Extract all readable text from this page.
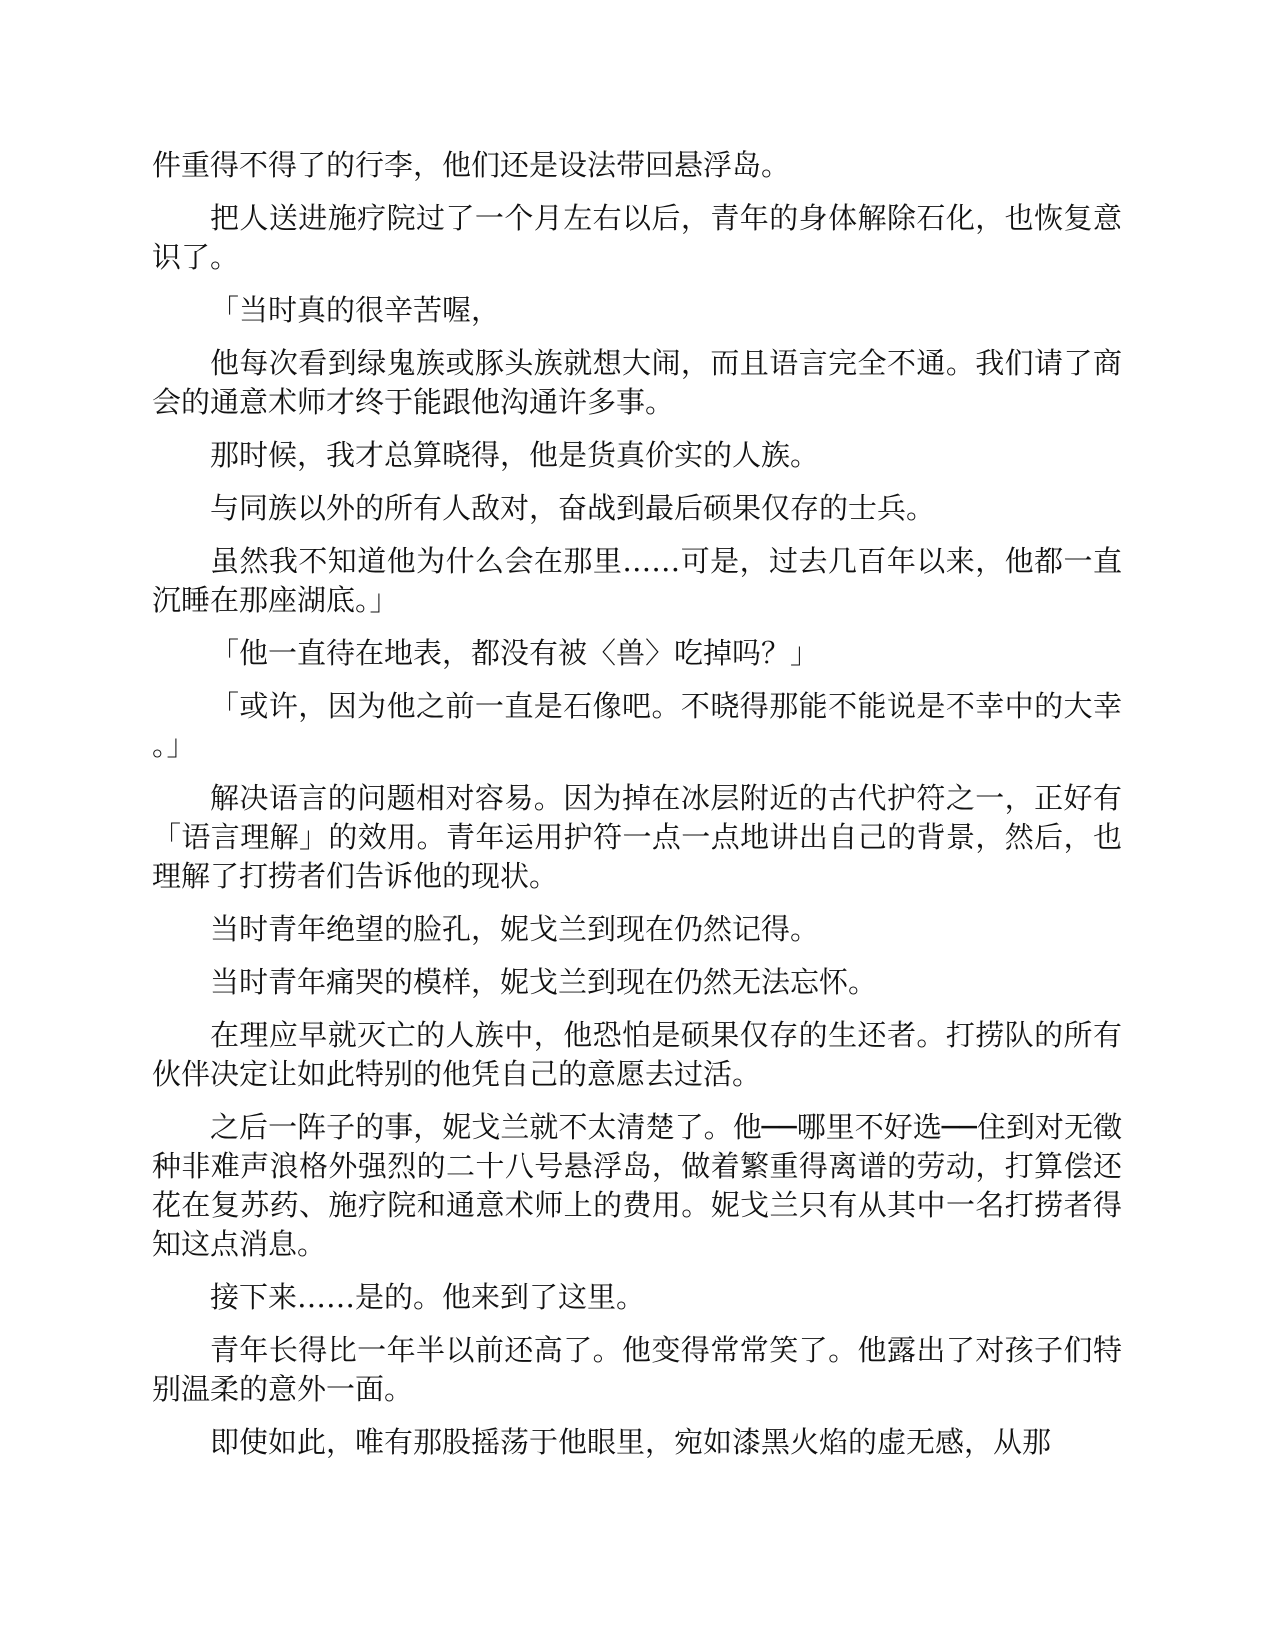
件重得不得了的行李，他们还是设法带回悬浮岛。

把人送进施疗院过了一个月左右以后，青年的身体解除石化，也恢复意识了。

「当时真的很辛苦喔，

他每次看到绿鬼族或豚头族就想大闹，而且语言完全不通。我们请了商会的通意术师才终于能跟他沟通许多事。

那时候，我才总算晓得，他是货真价实的人族。

与同族以外的所有人敌对，奋战到最后硕果仅存的士兵。

虽然我不知道他为什么会在那里……可是，过去几百年以来，他都一直沉睡在那座湖底。」

「他一直待在地表，都没有被〈兽〉吃掉吗？」

「或许，因为他之前一直是石像吧。不晓得那能不能说是不幸中的大幸。」

解决语言的问题相对容易。因为掉在冰层附近的古代护符之一，正好有「语言理解」的效用。青年运用护符一点一点地讲出自己的背景，然后，也理解了打捞者们告诉他的现状。

当时青年绝望的脸孔，妮戈兰到现在仍然记得。

当时青年痛哭的模样，妮戈兰到现在仍然无法忘怀。

在理应早就灭亡的人族中，他恐怕是硕果仅存的生还者。打捞队的所有伙伴决定让如此特别的他凭自己的意愿去过活。

之后一阵子的事，妮戈兰就不太清楚了。他──哪里不好选──住到对无徵种非难声浪格外强烈的二十八号悬浮岛，做着繁重得离谱的劳动，打算偿还花在复苏药、施疗院和通意术师上的费用。妮戈兰只有从其中一名打捞者得知这点消息。

接下来……是的。他来到了这里。

青年长得比一年半以前还高了。他变得常常笑了。他露出了对孩子们特别温柔的意外一面。

即使如此，唯有那股摇荡于他眼里，宛如漆黑火焰的虚无感，从那
